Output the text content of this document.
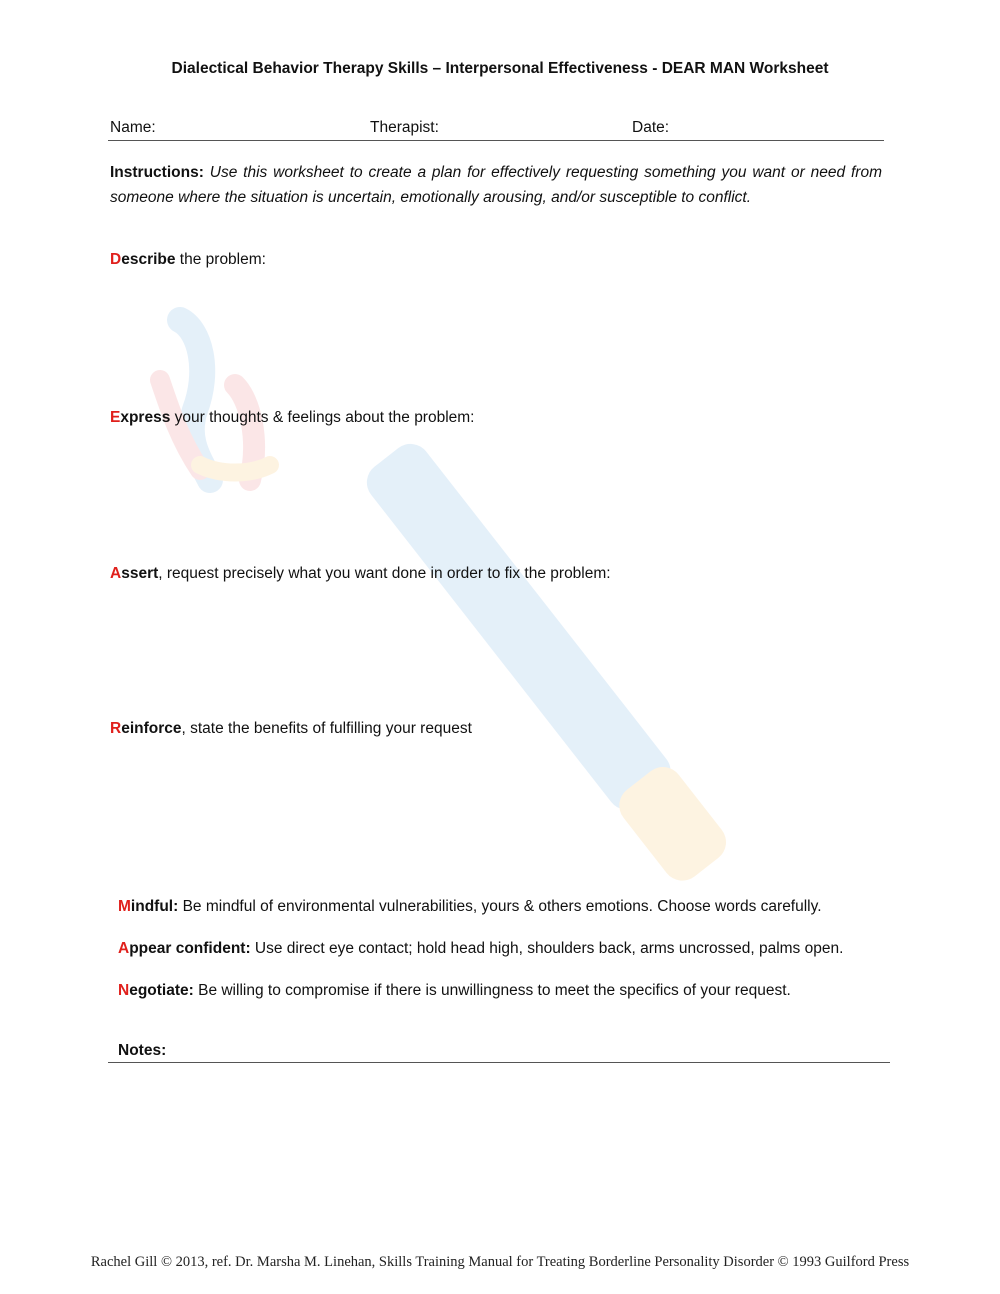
Dialectical Behavior Therapy Skills – Interpersonal Effectiveness - DEAR MAN Worksheet
Name:	Therapist:	Date:
Instructions: Use this worksheet to create a plan for effectively requesting something you want or need from someone where the situation is uncertain, emotionally arousing, and/or susceptible to conflict.
Describe the problem:
Express your thoughts & feelings about the problem:
Assert, request precisely what you want done in order to fix the problem:
Reinforce, state the benefits of fulfilling your request
Mindful: Be mindful of environmental vulnerabilities, yours & others emotions. Choose words carefully.
Appear confident: Use direct eye contact; hold head high, shoulders back, arms uncrossed, palms open.
Negotiate: Be willing to compromise if there is unwillingness to meet the specifics of your request.
Notes:
Rachel Gill © 2013, ref. Dr. Marsha M. Linehan, Skills Training Manual for Treating Borderline Personality Disorder © 1993 Guilford Press
